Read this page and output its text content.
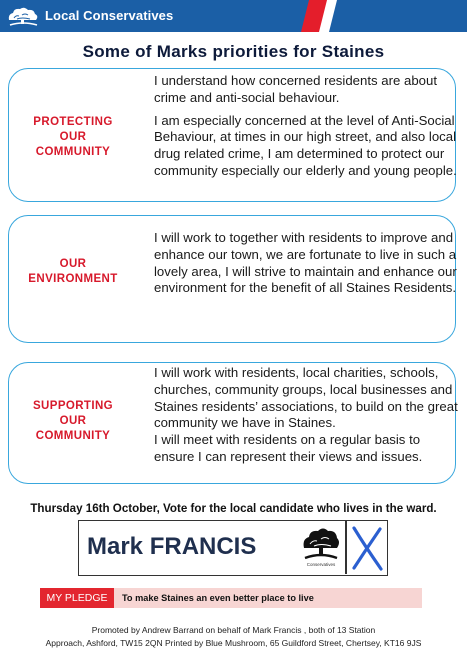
Local Conservatives
Some of Marks priorities for Staines
PROTECTING
OUR
COMMUNITY

I understand how concerned residents are about crime and anti-social behaviour.

I am especially concerned at the level of Anti-Social Behaviour, at times in our high street, and also local drug related crime, I am determined to protect our community especially our elderly and young people.

OUR
ENVIRONMENT

I will work to together with residents to improve and enhance our town, we are fortunate to live in such a lovely area, I will strive to maintain and enhance our environment for the benefit of all Staines Residents.

SUPPORTING
OUR
COMMUNITY

I will work with residents, local charities, schools, churches, community groups, local businesses and Staines residents’ associations, to build on the great community we have in Staines.

I will meet with residents on a regular basis to ensure I can represent their views and issues.

Thursday 16th October, Vote for the local candidate who lives in the ward.
Mark FRANCIS
Conservatives
MY PLEDGE	To make Staines an even better place to live
Promoted by Andrew Barrand on behalf of Mark Francis , both of 13 Station
Approach, Ashford, TW15 2QN Printed by Blue Mushroom, 65 Guildford Street, Chertsey, KT16 9JS
